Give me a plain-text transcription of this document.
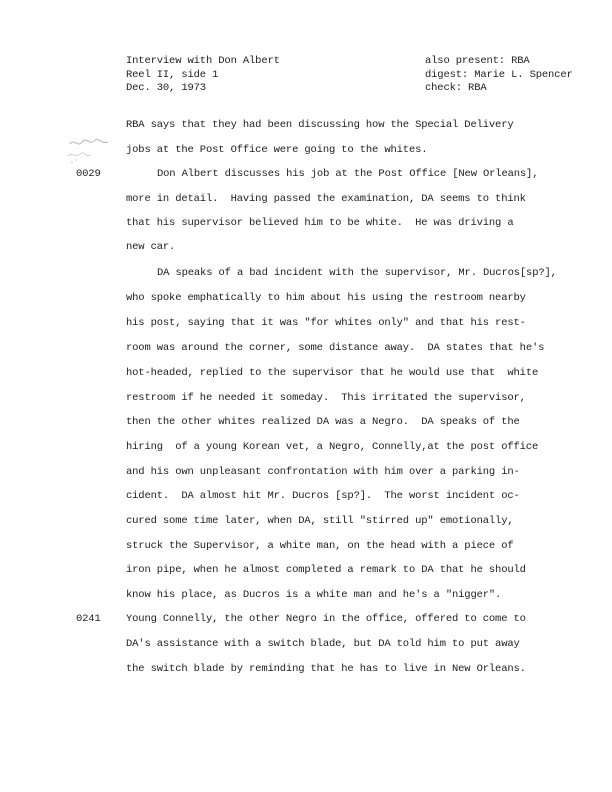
Interview with Don Albert
Reel II, side 1
Dec. 30, 1973
also present: RBA
digest: Marie L. Spencer
check: RBA
0029
0241
RBA says that they had been discussing how the Special Delivery
jobs at the Post Office were going to the whites.
Don Albert discusses his job at the Post Office [New Orleans],
more in detail.  Having passed the examination, DA seems to think
that his supervisor believed him to be white.  He was driving a
new car.
DA speaks of a bad incident with the supervisor, Mr. Ducros[sp?],
who spoke emphatically to him about his using the restroom nearby
his post, saying that it was "for whites only" and that his rest-
room was around the corner, some distance away.  DA states that he's
hot-headed, replied to the supervisor that he would use that  white
restroom if he needed it someday.  This irritated the supervisor,
then the other whites realized DA was a Negro.  DA speaks of the
hiring  of a young Korean vet, a Negro, Connelly,at the post office
and his own unpleasant confrontation with him over a parking in-
cident.  DA almost hit Mr. Ducros [sp?].  The worst incident oc-
cured some time later, when DA, still "stirred up" emotionally,
struck the Supervisor, a white man, on the head with a piece of
iron pipe, when he almost completed a remark to DA that he should
know his place, as Ducros is a white man and he's a "nigger".
Young Connelly, the other Negro in the office, offered to come to
DA's assistance with a switch blade, but DA told him to put away
the switch blade by reminding that he has to live in New Orleans.
